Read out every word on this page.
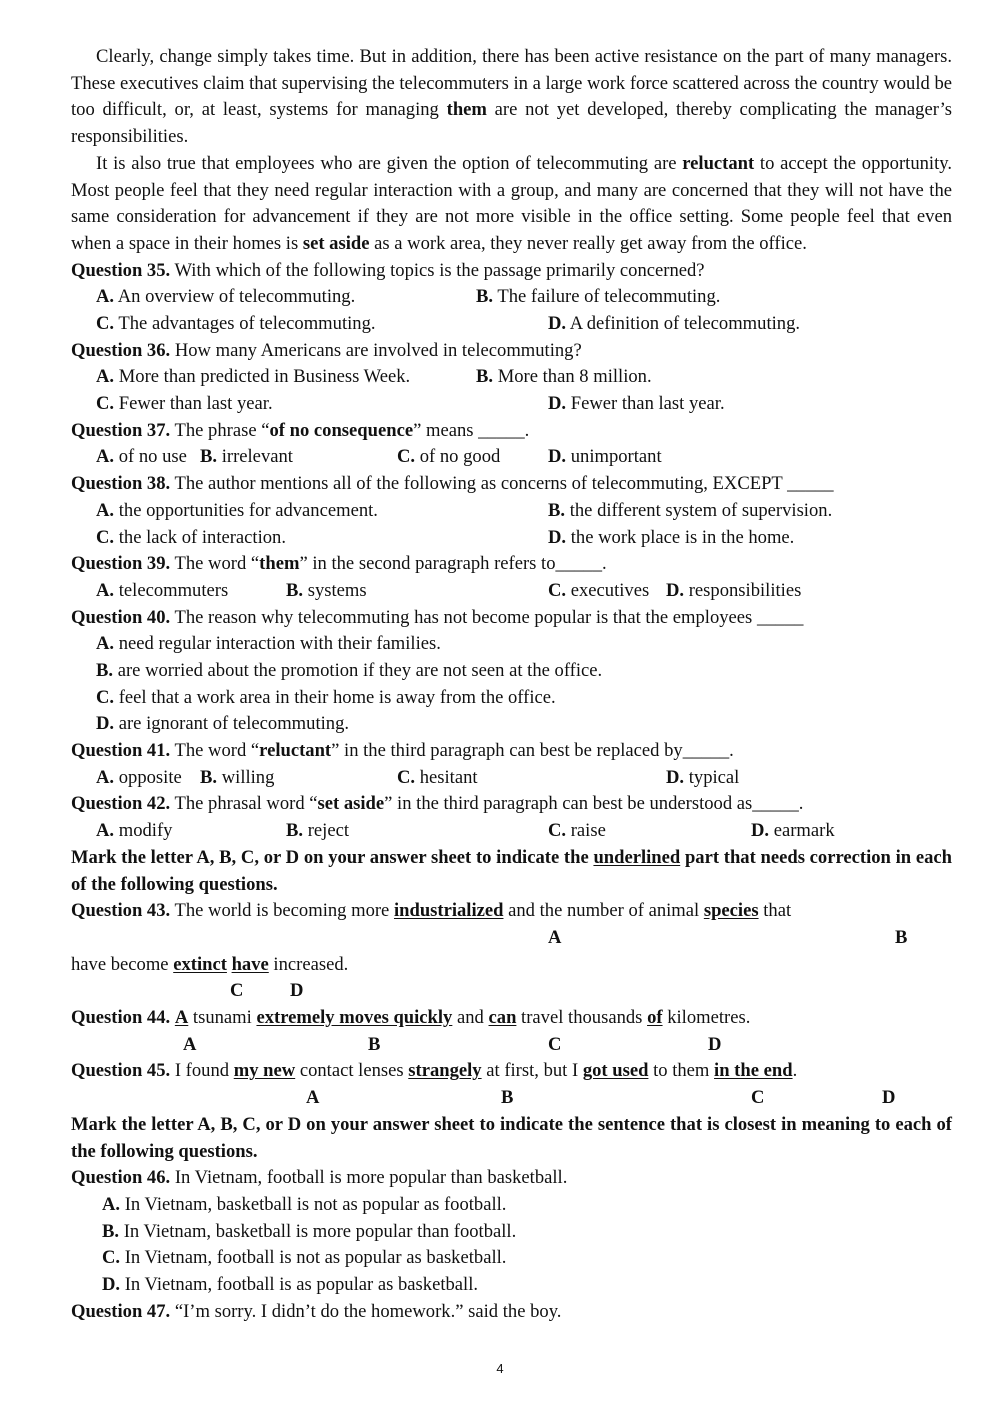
Clearly, change simply takes time. But in addition, there has been active resistance on the part of many managers. These executives claim that supervising the telecommuters in a large work force scattered across the country would be too difficult, or, at least, systems for managing them are not yet developed, thereby complicating the manager’s responsibilities.

It is also true that employees who are given the option of telecommuting are reluctant to accept the opportunity. Most people feel that they need regular interaction with a group, and many are concerned that they will not have the same consideration for advancement if they are not more visible in the office setting. Some people feel that even when a space in their homes is set aside as a work area, they never really get away from the office.

Question 35. With which of the following topics is the passage primarily concerned?

A. An overview of telecommuting.	B. The failure of telecommuting.
C. The advantages of telecommuting.	D. A definition of telecommuting.

Question 36. How many Americans are involved in telecommuting?

A. More than predicted in Business Week.	B. More than 8 million.
C. Fewer than last year.	D. Fewer than last year.

Question 37. The phrase “of no consequence” means _____.

A. of no use B. irrelevant	C. of no good	D. unimportant

Question 38. The author mentions all of the following as concerns of telecommuting, EXCEPT _____

A. the opportunities for advancement.	B. the different system of supervision.
C. the lack of interaction.	D. the work place is in the home.

Question 39. The word “them” in the second paragraph refers to_____.

A. telecommuters	B. systems	C. executives D. responsibilities

Question 40. The reason why telecommuting has not become popular is that the employees _____

A. need regular interaction with their families.
B. are worried about the promotion if they are not seen at the office.
C. feel that a work area in their home is away from the office.
D. are ignorant of telecommuting.

Question 41. The word “reluctant” in the third paragraph can best be replaced by_____.

A. opposite B. willing	C. hesitant	D. typical

Question 42. The phrasal word “set aside” in the third paragraph can best be understood as_____.

A. modify	B. reject	C. raise	D. earmark

Mark the letter A, B, C, or D on your answer sheet to indicate the underlined part that needs correction in each of the following questions.

Question 43. The world is becoming more industrialized and the number of animal species that

A	B

have become extinct have increased.

C	D

Question 44. A tsunami extremely moves quickly and can travel thousands of kilometres.

A	B	C	D

Question 45. I found my new contact lenses strangely at first, but I got used to them in the end.

A	B	C	D

Mark the letter A, B, C, or D on your answer sheet to indicate the sentence that is closest in meaning to each of the following questions.

Question 46. In Vietnam, football is more popular than basketball.

A. In Vietnam, basketball is not as popular as football.
B. In Vietnam, basketball is more popular than football.
C. In Vietnam, football is not as popular as basketball.
D. In Vietnam, football is as popular as basketball.

Question 47. “I’m sorry. I didn’t do the homework.” said the boy.

4
